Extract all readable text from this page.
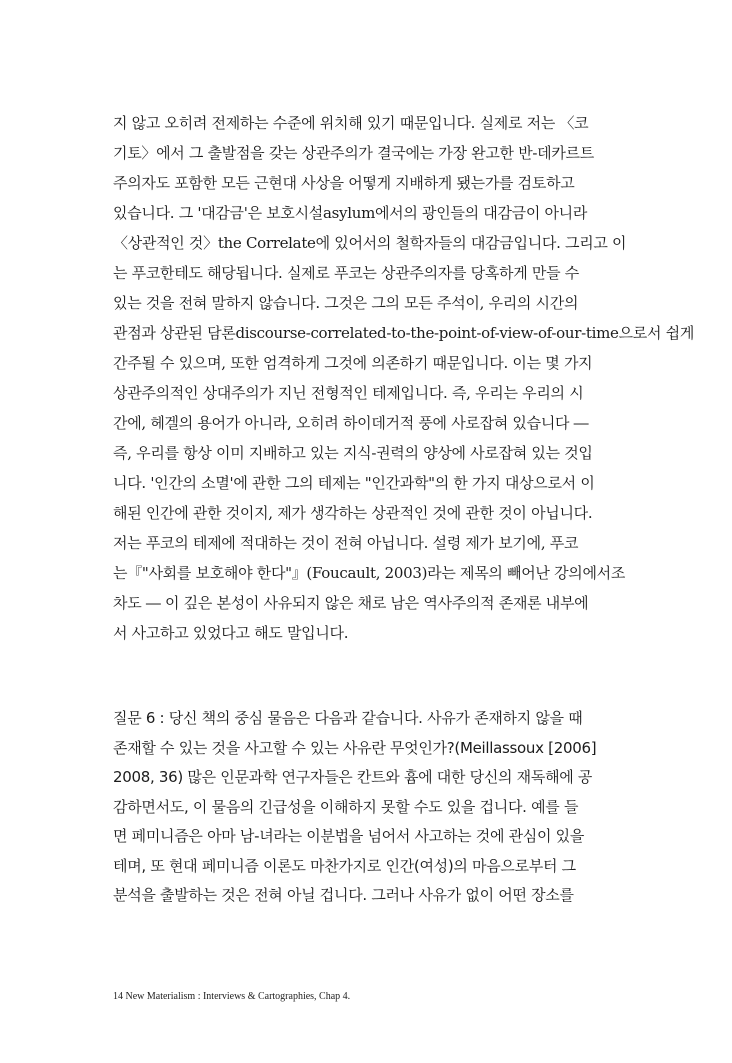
지 않고 오히려 전제하는 수준에 위치해 있기 때문입니다. 실제로 저는 〈코
기토〉에서 그 출발점을 갖는 상관주의가 결국에는 가장 완고한 반-데카르트
주의자도 포함한 모든 근현대 사상을 어떻게 지배하게 됐는가를 검토하고
있습니다. 그 '대감금'은 보호시설asylum에서의 광인들의 대감금이 아니라
〈상관적인 것〉the Correlate에 있어서의 철학자들의 대감금입니다. 그리고 이
는 푸코한테도 해당됩니다. 실제로 푸코는 상관주의자를 당혹하게 만들 수
있는 것을 전혀 말하지 않습니다. 그것은 그의 모든 주석이, 우리의 시간의
관점과 상관된 담론discourse-correlated-to-the-point-of-view-of-our-time으로서 쉽게
간주될 수 있으며, 또한 엄격하게 그것에 의존하기 때문입니다. 이는 몇 가지
상관주의적인 상대주의가 지닌 전형적인 테제입니다. 즉, 우리는 우리의 시
간에, 헤겔의 용어가 아니라, 오히려 하이데거적 풍에 사로잡혀 있습니다 ―
즉, 우리를 항상 이미 지배하고 있는 지식-권력의 양상에 사로잡혀 있는 것입
니다. '인간의 소멸'에 관한 그의 테제는 "인간과학"의 한 가지 대상으로서 이
해된 인간에 관한 것이지, 제가 생각하는 상관적인 것에 관한 것이 아닙니다.
저는 푸코의 테제에 적대하는 것이 전혀 아닙니다. 설령 제가 보기에, 푸코
는『"사회를 보호해야 한다"』(Foucault, 2003)라는 제목의 빼어난 강의에서조
차도 ― 이 깊은 본성이 사유되지 않은 채로 남은 역사주의적 존재론 내부에
서 사고하고 있었다고 해도 말입니다.
질문 6 : 당신 책의 중심 물음은 다음과 같습니다. 사유가 존재하지 않을 때
존재할 수 있는 것을 사고할 수 있는 사유란 무엇인가?(Meillassoux [2006]
2008, 36) 많은 인문과학 연구자들은 칸트와 흄에 대한 당신의 재독해에 공
감하면서도, 이 물음의 긴급성을 이해하지 못할 수도 있을 겁니다. 예를 들
면 페미니즘은 아마 남-녀라는 이분법을 넘어서 사고하는 것에 관심이 있을
테며, 또 현대 페미니즘 이론도 마찬가지로 인간(여성)의 마음으로부터 그
분석을 출발하는 것은 전혀 아닐 겁니다. 그러나 사유가 없이 어떤 장소를
14 New Materialism : Interviews & Cartographies, Chap 4.
